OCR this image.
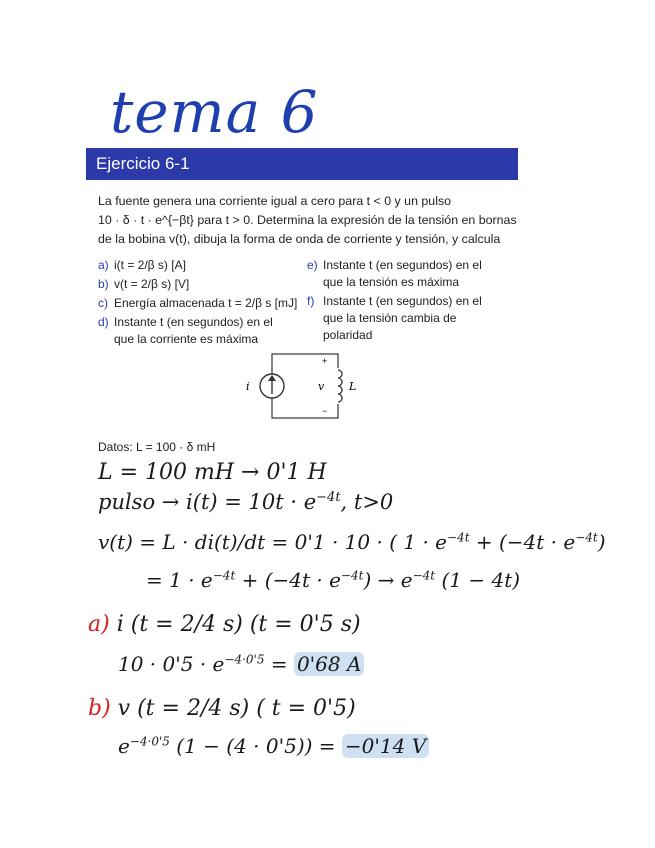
tema 6
Ejercicio 6-1
La fuente genera una corriente igual a cero para t < 0 y un pulso
10 · δ · t · e^{−βt} para t > 0. Determina la expresión de la tensión en bornas
de la bobina v(t), dibuja la forma de onda de corriente y tensión, y calcula
a) i(t = 2/β s) [A]
b) v(t = 2/β s) [V]
c) Energía almacenada t = 2/β s [mJ]
d) Instante t (en segundos) en el
que la corriente es máxima
e) Instante t (en segundos) en el
que la tensión es máxima
f) Instante t (en segundos) en el
que la tensión cambia de
polaridad
i	v L
+
−
Datos: L = 100 · δ mH
L = 100 mH → 0'1 H
pulso → $i(t) = 10t \cdot e^{-4t}$, t>0
v(t) = L · di(t)/dt = 0'1 · 10 · ( $1 \cdot e^{-4t} + (-4t \cdot e^{-4t})$
= $1 \cdot e^{-4t} + (-4t \cdot e^{-4t}) \to e^{-4t}$ (1 − 4t)
a) i (t = 2/4 s) (t = 0'5 s)
$10 \cdot 0'5 \cdot e^{-4\cdot 0'5} = 0'68$ A
b) v (t = 2/4 s) ( t = 0'5)
$e^{-4\cdot 0'5}$ (1 − (4 · 0'5)) = −0'14 V
